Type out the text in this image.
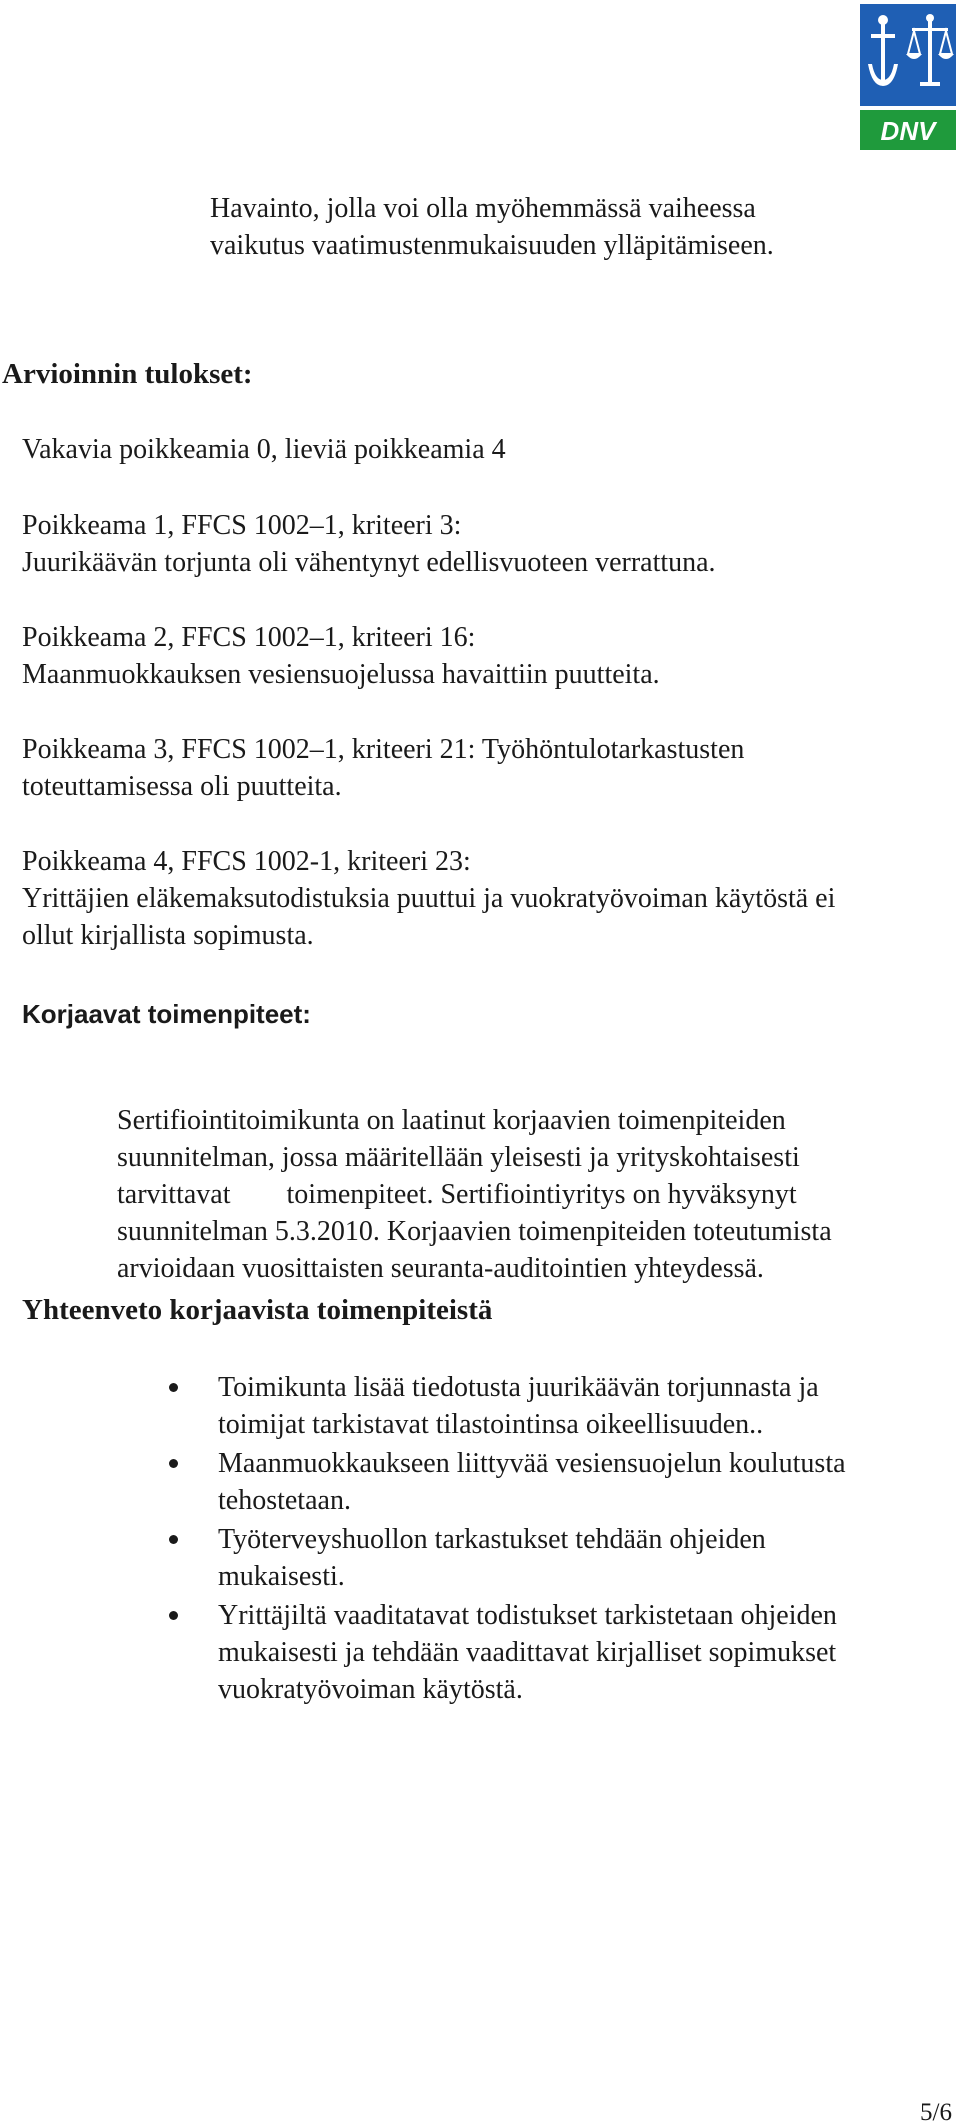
DNV
Havainto, jolla voi olla myöhemmässä vaiheessa
vaikutus vaatimustenmukaisuuden ylläpitämiseen.
Arvioinnin tulokset:
Vakavia poikkeamia 0, lieviä poikkeamia 4
Poikkeama 1, FFCS 1002–1, kriteeri 3:
Juurikäävän torjunta oli vähentynyt edellisvuoteen verrattuna.
Poikkeama 2, FFCS 1002–1, kriteeri 16:
Maanmuokkauksen vesiensuojelussa havaittiin puutteita.
Poikkeama 3, FFCS 1002–1, kriteeri 21: Työhöntulotarkastusten
toteuttamisessa oli puutteita.
Poikkeama 4, FFCS 1002-1, kriteeri 23:
Yrittäjien eläkemaksutodistuksia puuttui ja vuokratyövoiman käytöstä ei
ollut kirjallista sopimusta.
Korjaavat toimenpiteet:
Sertifiointitoimikunta on laatinut korjaavien toimenpiteiden
suunnitelman, jossa määritellään yleisesti ja yrityskohtaisesti
tarvittavat        toimenpiteet. Sertifiointiyritys on hyväksynyt
suunnitelman 5.3.2010. Korjaavien toimenpiteiden toteutumista
arvioidaan vuosittaisten seuranta-auditointien yhteydessä.
Yhteenveto korjaavista toimenpiteistä
Toimikunta lisää tiedotusta juurikäävän torjunnasta ja
toimijat tarkistavat tilastointinsa oikeellisuuden..
Maanmuokkaukseen liittyvää vesiensuojelun koulutusta
tehostetaan.
Työterveyshuollon tarkastukset tehdään ohjeiden
mukaisesti.
Yrittäjiltä vaaditatavat todistukset tarkistetaan ohjeiden
mukaisesti ja tehdään vaadittavat kirjalliset sopimukset
vuokratyövoiman käytöstä.
5/6
